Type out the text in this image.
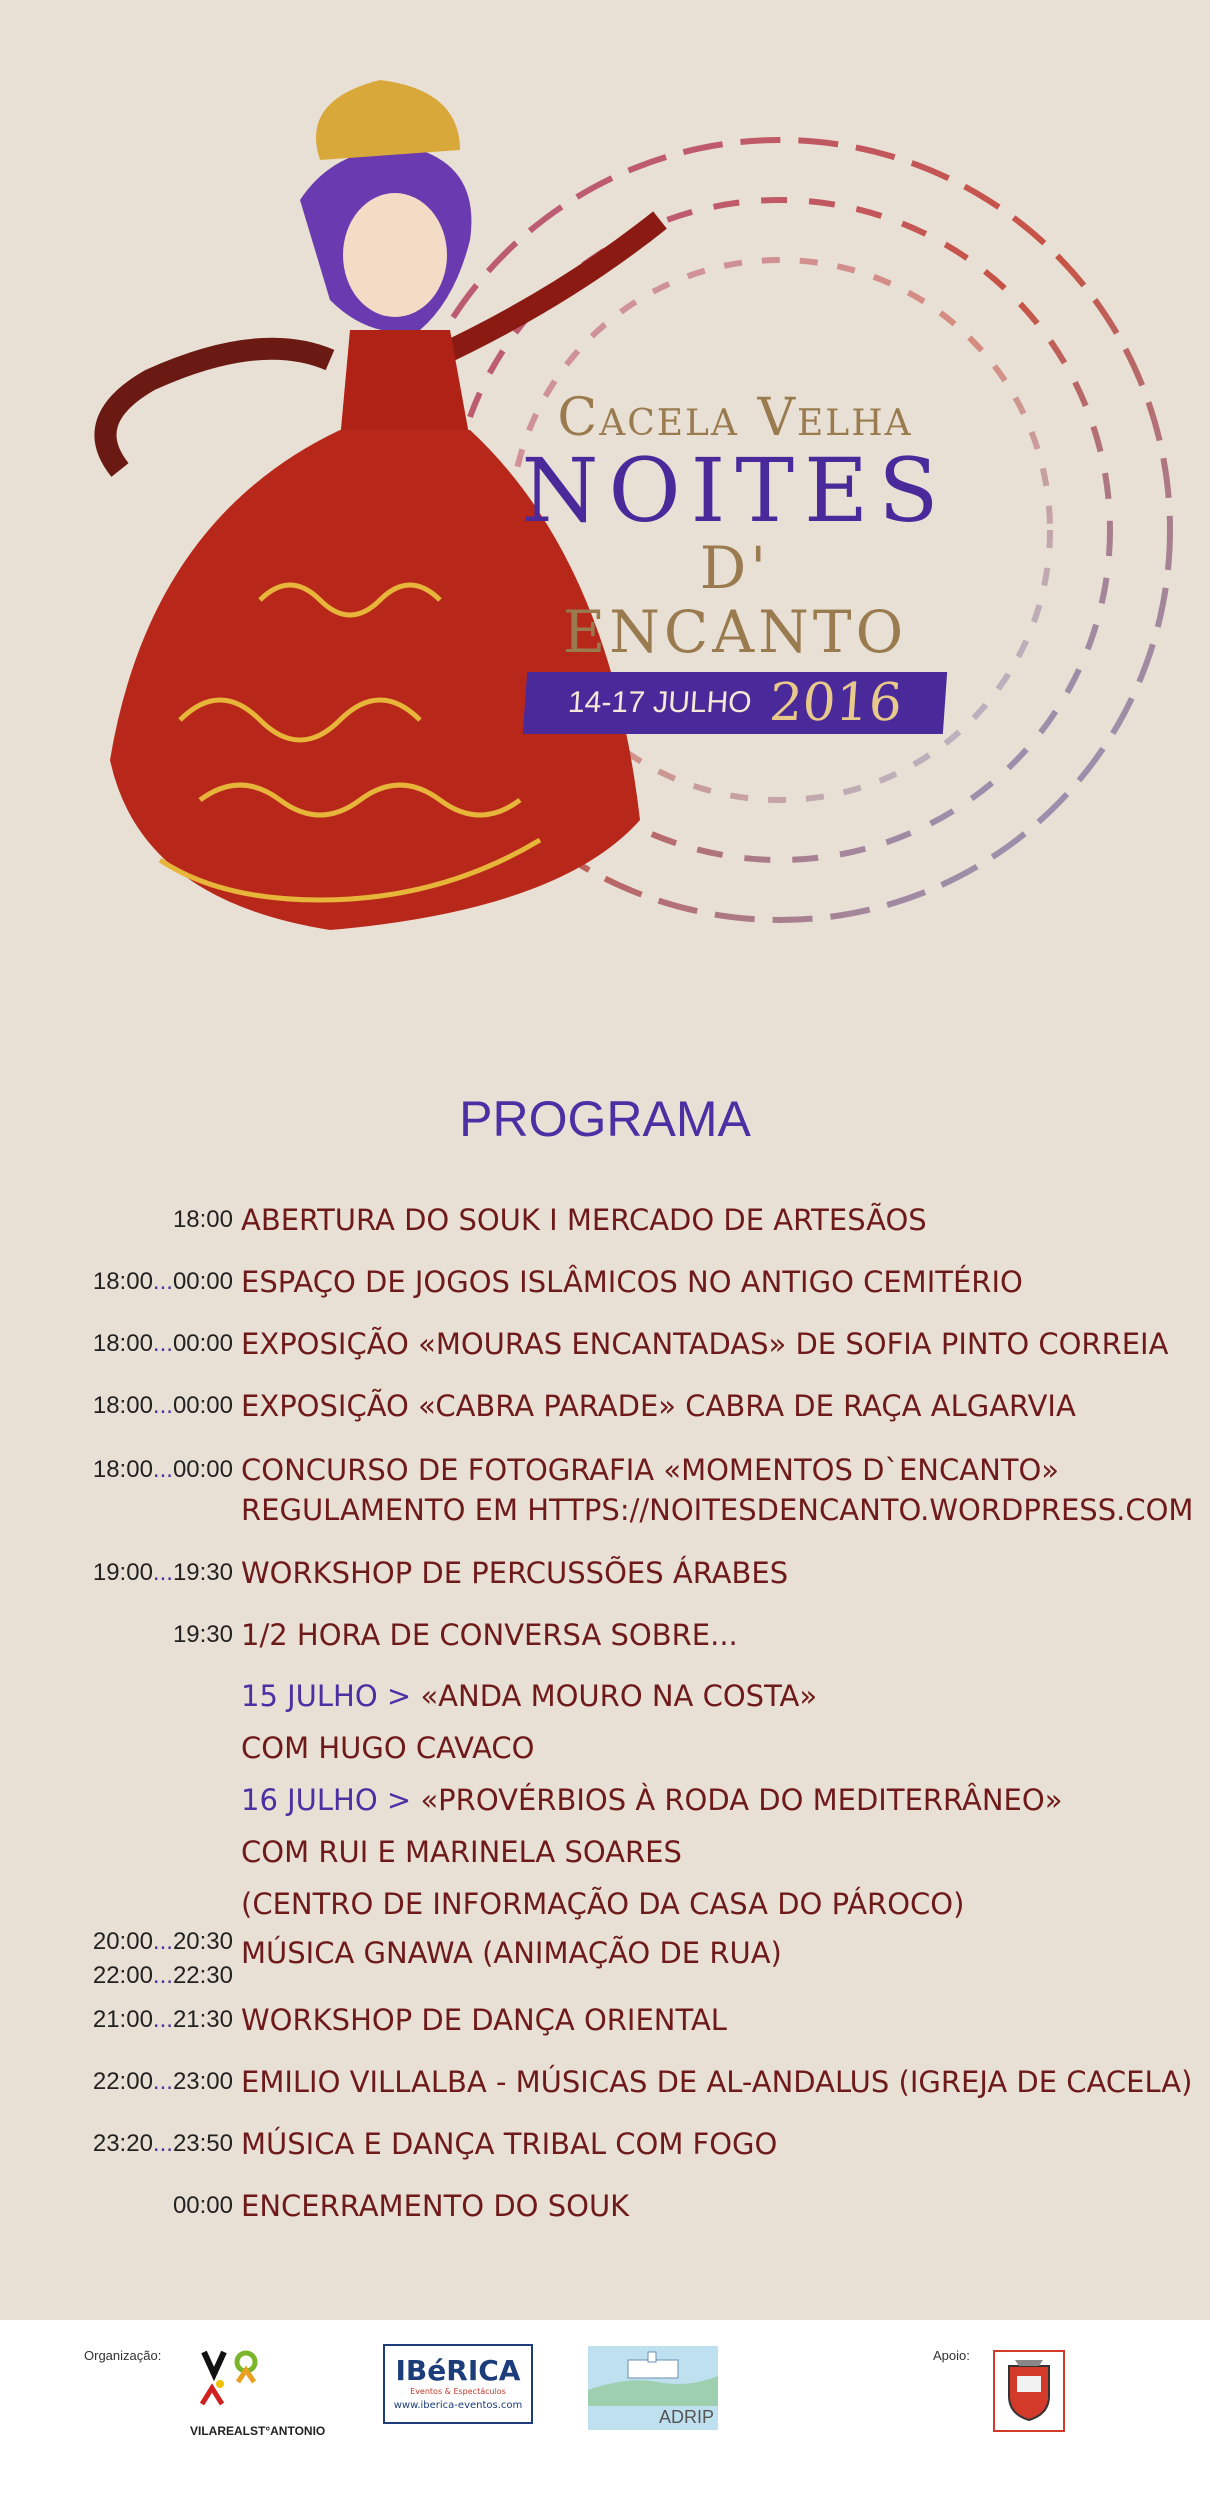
Cacela Velha
NOITES
D' ENCANTO
14-17 JULHO 2016
PROGRAMA
18:00 ABERTURA DO SOUK I MERCADO DE ARTESÃOS
18:00...00:00 ESPAÇO DE JOGOS ISLÂMICOS NO ANTIGO CEMITÉRIO
18:00...00:00 EXPOSIÇÃO «MOURAS ENCANTADAS» DE SOFIA PINTO CORREIA
18:00...00:00 EXPOSIÇÃO «CABRA PARADE» CABRA DE RAÇA ALGARVIA
18:00...00:00 CONCURSO DE FOTOGRAFIA «MOMENTOS D`ENCANTO»
REGULAMENTO EM HTTPS://NOITESDENCANTO.WORDPRESS.COM
19:00...19:30 WORKSHOP DE PERCUSSÕES ÁRABES
19:30 1/2 HORA DE CONVERSA SOBRE...
15 JULHO > «ANDA MOURO NA COSTA»
COM HUGO CAVACO
16 JULHO > «PROVÉRBIOS À RODA DO MEDITERRÂNEO»
COM RUI E MARINELA SOARES
(CENTRO DE INFORMAÇÃO DA CASA DO PÁROCO)
20:00...20:30
22:00...22:30
MÚSICA GNAWA (ANIMAÇÃO DE RUA)
21:00...21:30 WORKSHOP DE DANÇA ORIENTAL
22:00...23:00 EMILIO VILLALBA - MÚSICAS DE AL-ANDALUS (IGREJA DE CACELA)
23:20...23:50 MÚSICA E DANÇA TRIBAL COM FOGO
00:00 ENCERRAMENTO DO SOUK
Organização:
VILAREALST°ANTONIO
IBéRICA
Eventos & Espectáculos
www.iberica-eventos.com
ADRIP
Apoio:
